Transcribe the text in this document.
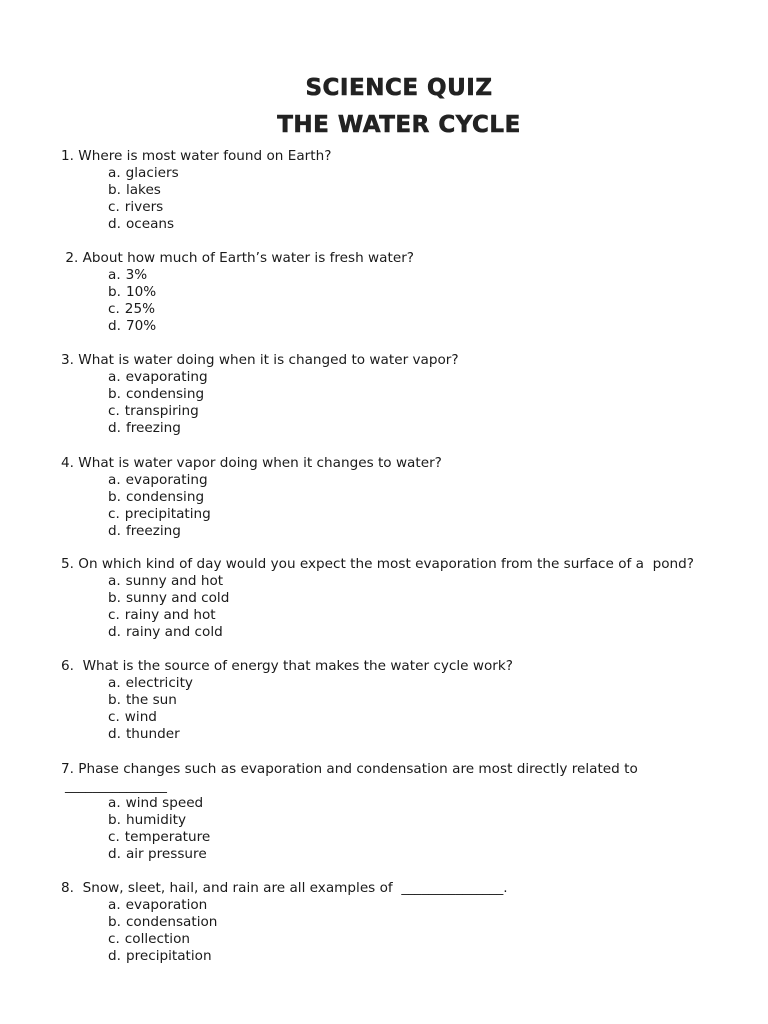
SCIENCE QUIZ
THE WATER CYCLE
1. Where is most water found on Earth?
a. glaciers
b. lakes
c. rivers
d. oceans
2. About how much of Earth’s water is fresh water?
a. 3%
b. 10%
c. 25%
d. 70%
3. What is water doing when it is changed to water vapor?
a. evaporating
b. condensing
c. transpiring
d. freezing
4. What is water vapor doing when it changes to water?
a. evaporating
b. condensing
c. precipitating
d. freezing
5. On which kind of day would you expect the most evaporation from the surface of a  pond?
a. sunny and hot
b. sunny and cold
c. rainy and hot
d. rainy and cold
6.  What is the source of energy that makes the water cycle work?
a. electricity
b. the sun
c. wind
d. thunder
7. Phase changes such as evaporation and condensation are most directly related to
_______________
a. wind speed
b. humidity
c. temperature
d. air pressure
8.  Snow, sleet, hail, and rain are all examples of  _______________.
a. evaporation
b. condensation
c. collection
d. precipitation
